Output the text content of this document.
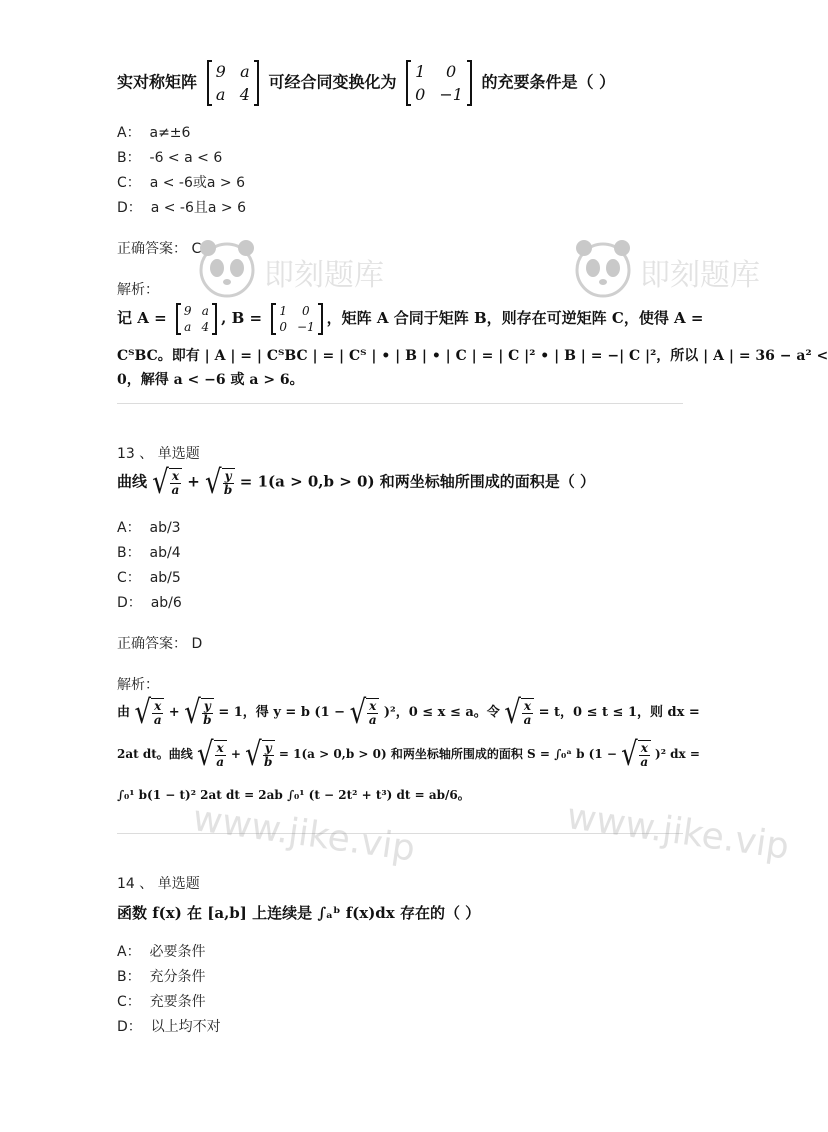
实对称矩阵
9 a
a 4
可经合同变换化为
1	0
0 −1
的充要条件是（ ）
A： a≠±6
B： -6 < a < 6
C： a < -6或a > 6
D： a < -6且a > 6
正确答案： C
解析：
记 A = 9 a
a 4 , B = 1	0
0 −1 ，矩阵 A 合同于矩阵 B，则存在可逆矩阵 C，使得 A =
CᵀBC。即有 | A | = | CᵀBC | = | Cᵀ | • | B | • | C | = | C |² • | B | = −| C |²，所以 | A | = 36 − a² <
0，解得 a < −6 或 a > 6。
13 、 单选题
曲线 √ $\frac{x}{a}$ + √ $\frac{y}{b} = 1(a > 0,b > 0)$ 和两坐标轴所围成的面积是（ ）
A： ab/3
B： ab/4
C： ab/5
D： ab/6
正确答案： D
解析：
由 √ $\frac{x}{a}$ + √ $\frac{y}{b} = 1$，得 y = b (1 − √ $\frac{x}{a} )^2$，0 ≤ x ≤ a。令 √ $\frac{x}{a} = t$，0 ≤ t ≤ 1，则 dx =
2at dt。曲线 √ $\frac{x}{a}$ + √ $\frac{y}{b} = 1(a > 0,b > 0)$ 和两坐标轴所围成的面积 S = ∫₀ᵃ b (1 − √ $\frac{x}{a} )^2$ dx =
∫₀¹ b(1 − t)² 2at dt = 2ab ∫₀¹ (t − 2t² + t³) dt = ab/6。
14 、 单选题
函数 f(x) 在 [a,b] 上连续是 ∫ₐᵇ f(x)dx 存在的（ ）
A： 必要条件
B： 充分条件
C： 充要条件
D： 以上均不对
即刻题库	即刻题库
www.jike.vip	www.jike.vip
